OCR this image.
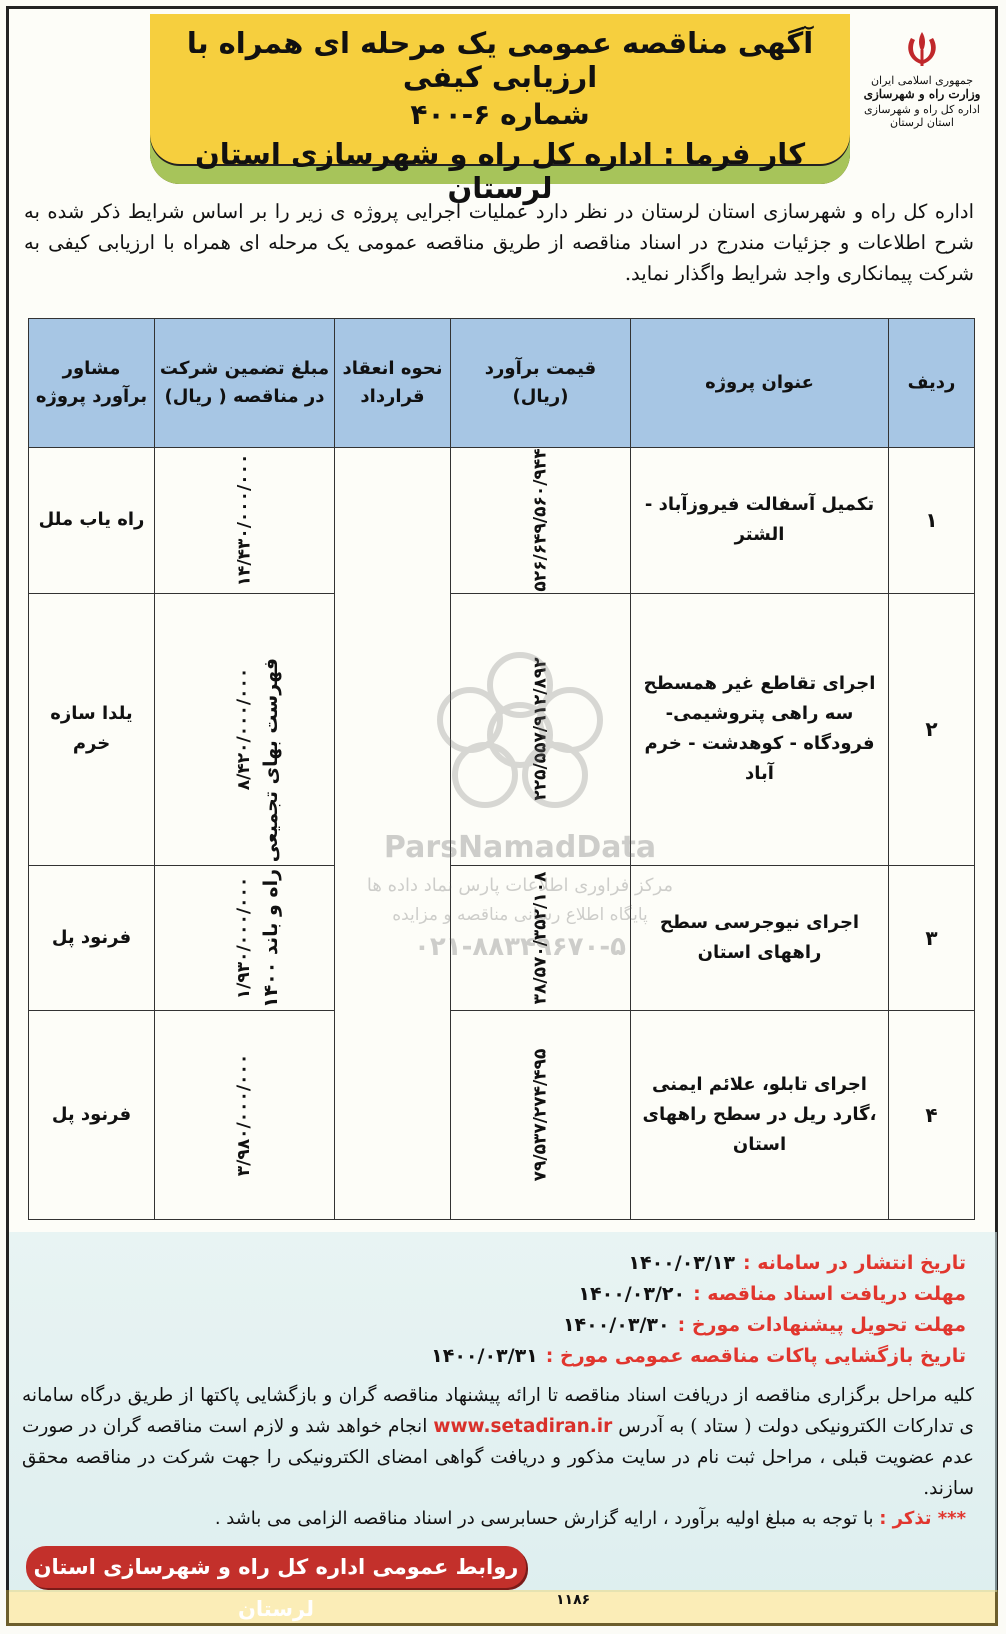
آگهی مناقصه عمومی یک مرحله ای همراه با ارزیابی کیفی
شماره ۶-۴۰۰
کار فرما : اداره کل راه و شهرسازی استان لرستان
جمهوری اسلامی ایران
وزارت راه و شهرسازی
اداره کل راه و شهرسازی استان لرستان
اداره کل راه و شهرسازی استان لرستان در نظر دارد عملیات اجرایی پروژه ی زیر را بر اساس شرایط ذکر شده به شرح اطلاعات و جزئیات مندرج در اسناد مناقصه از طریق مناقصه عمومی یک مرحله ای همراه با ارزیابی کیفی به شرکت پیمانکاری واجد شرایط واگذار نماید.
ردیف	عنوان پروژه	قیمت برآورد (ریال)	نحوه انعقاد قرارداد	مبلغ تضمین شرکت در مناقصه ( ریال)	مشاور برآورد پروژه
۱	تکمیل آسفالت فیروزآباد - الشتر	۵۲۶/۶۴۹/۵۶۰/۹۴۴	فهرست بهای تجمیعی راه و باند ۱۴۰۰	۱۴/۴۳۰/۰۰۰/۰۰۰	راه یاب ملل
۲	اجرای تقاطع غیر همسطح سه راهی پتروشیمی- فرودگاه - کوهدشت - خرم آباد	۲۲۵/۵۵۷/۹۱۲/۸۹۲		۸/۴۲۰/۰۰۰/۰۰۰	یلدا سازه خرم
۳	اجرای نیوجرسی سطح راههای استان	۳۸/۵۷۰/۳۵۲/۱۰۸		۱/۹۳۰/۰۰۰/۰۰۰	فرنود پل
۴	اجرای تابلو، علائم ایمنی ،گارد ریل در سطح راههای استان	۷۹/۵۳۷/۲۷۴/۴۹۵		۳/۹۸۰/۰۰۰/۰۰۰	فرنود پل
ParsNamadData
مرکز فراوری اطلاعات پارس نماد داده ها
پایگاه اطلاع رسانی مناقصه و مزایده
۰۲۱-۸۸۳۴۹۶۷۰-۵
تاریخ انتشار در سامانه :۱۴۰۰/۰۳/۱۳
مهلت دریافت اسناد مناقصه :۱۴۰۰/۰۳/۲۰
مهلت تحویل پیشنهادات مورخ :۱۴۰۰/۰۳/۳۰
تاریخ بازگشایی پاکات مناقصه عمومی مورخ :۱۴۰۰/۰۳/۳۱
کلیه مراحل برگزاری مناقصه از دریافت اسناد مناقصه تا ارائه پیشنهاد مناقصه گران و بازگشایی پاکتها از طریق درگاه سامانه ی تدارکات الکترونیکی دولت ( ستاد ) به آدرس www.setadiran.ir انجام خواهد شد و لازم است مناقصه گران در صورت عدم عضویت قبلی ، مراحل ثبت نام در سایت مذکور و دریافت گواهی امضای الکترونیکی را جهت شرکت در مناقصه محقق سازند.
*** تذکر : با توجه به مبلغ اولیه برآورد ، ارایه گزارش حسابرسی در اسناد مناقصه الزامی می باشد .
روابط عمومی اداره کل راه و شهرسازی استان لرستان	۱۱۸۶
